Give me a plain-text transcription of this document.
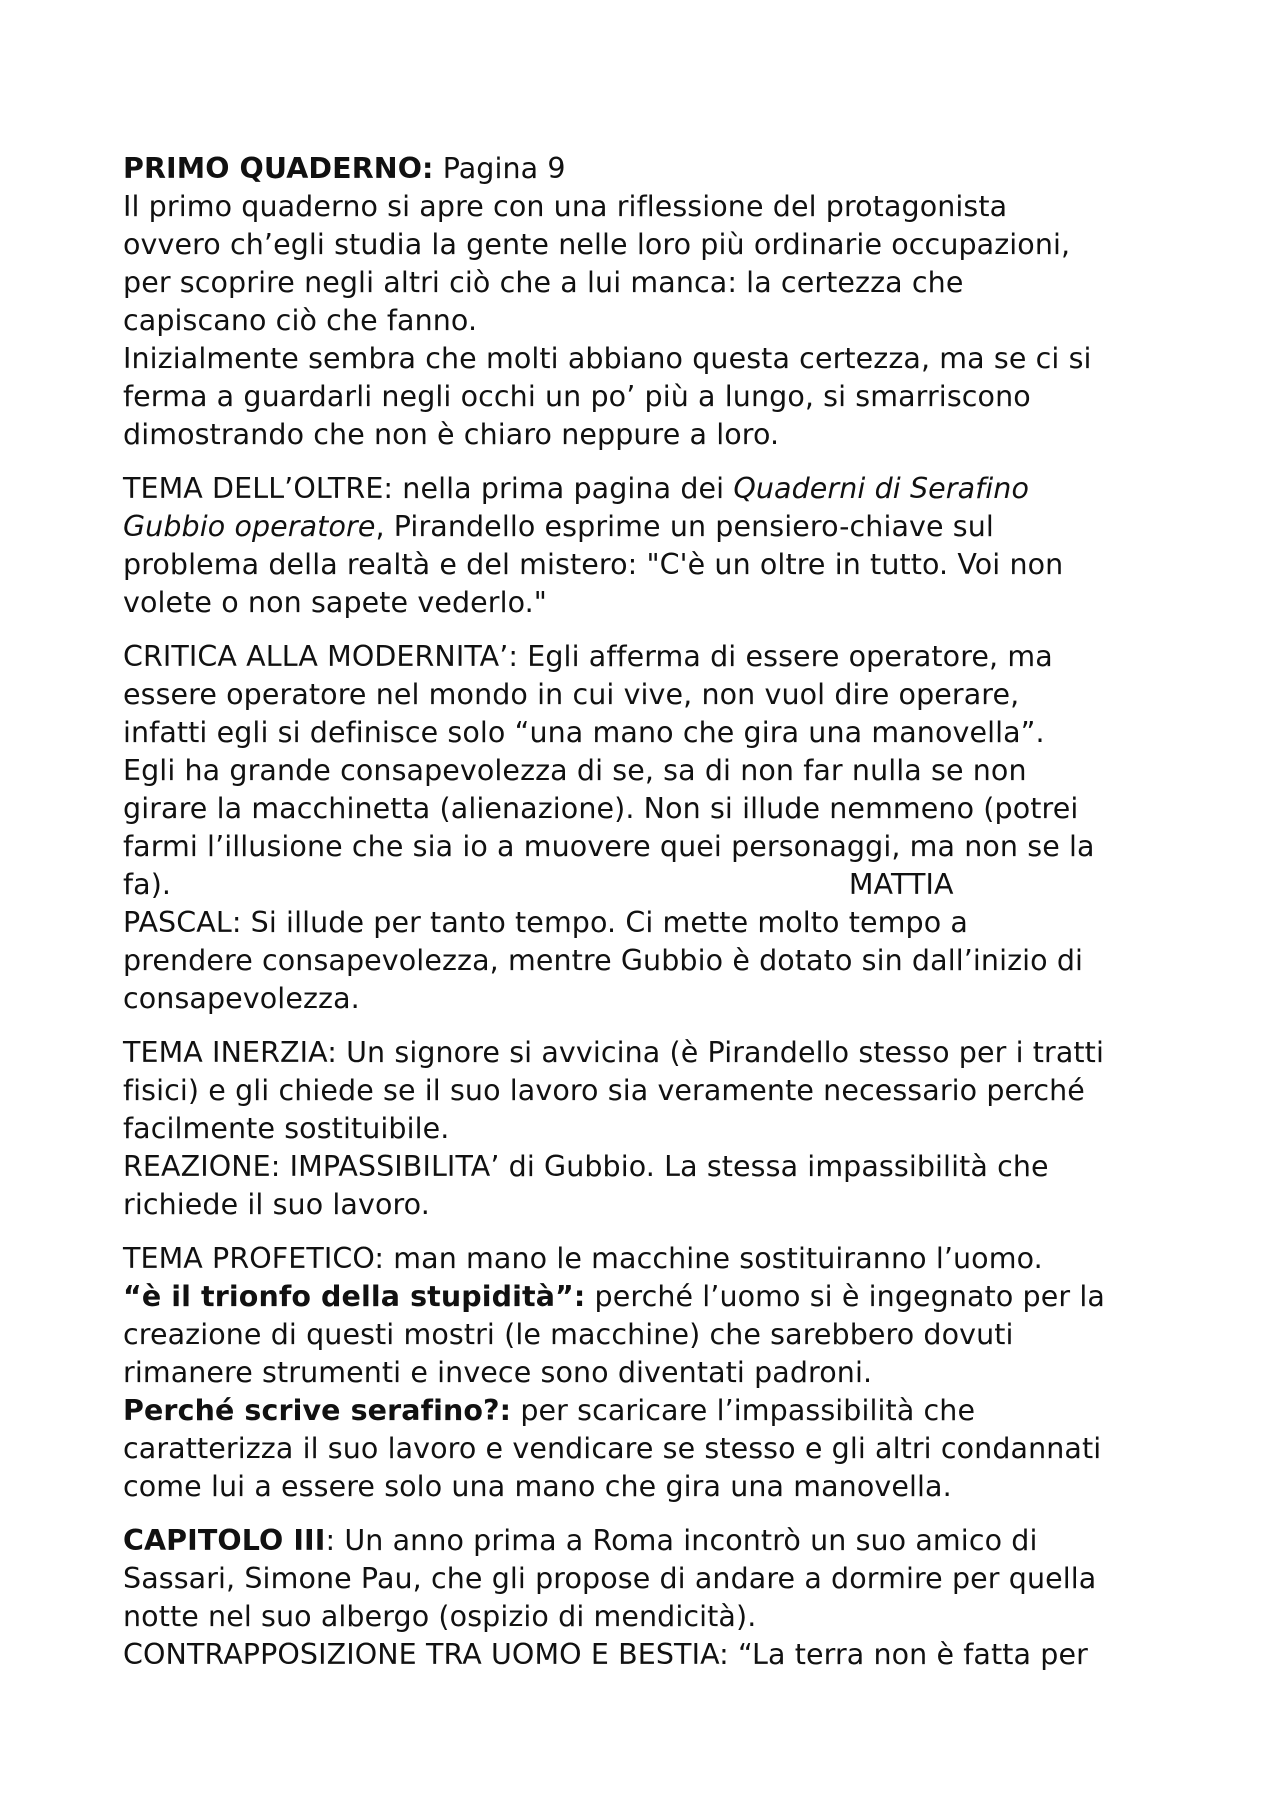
PRIMO QUADERNO: Pagina 9
Il primo quaderno si apre con una riflessione del protagonista
ovvero ch’egli studia la gente nelle loro più ordinarie occupazioni,
per scoprire negli altri ciò che a lui manca: la certezza che
capiscano ciò che fanno.
Inizialmente sembra che molti abbiano questa certezza, ma se ci si
ferma a guardarli negli occhi un po’ più a lungo, si smarriscono
dimostrando che non è chiaro neppure a loro.
TEMA DELL’OLTRE: nella prima pagina dei Quaderni di Serafino
Gubbio operatore, Pirandello esprime un pensiero-chiave sul
problema della realtà e del mistero: "C'è un oltre in tutto. Voi non
volete o non sapete vederlo."
CRITICA ALLA MODERNITA’: Egli afferma di essere operatore, ma
essere operatore nel mondo in cui vive, non vuol dire operare,
infatti egli si definisce solo “una mano che gira una manovella”.
Egli ha grande consapevolezza di se, sa di non far nulla se non
girare la macchinetta (alienazione). Non si illude nemmeno (potrei
farmi l’illusione che sia io a muovere quei personaggi, ma non se la
fa).                                                                          MATTIA
PASCAL: Si illude per tanto tempo. Ci mette molto tempo a
prendere consapevolezza, mentre Gubbio è dotato sin dall’inizio di
consapevolezza.
TEMA INERZIA: Un signore si avvicina (è Pirandello stesso per i tratti
fisici) e gli chiede se il suo lavoro sia veramente necessario perché
facilmente sostituibile.
REAZIONE: IMPASSIBILITA’ di Gubbio. La stessa impassibilità che
richiede il suo lavoro.
TEMA PROFETICO: man mano le macchine sostituiranno l’uomo.
“è il trionfo della stupidità”: perché l’uomo si è ingegnato per la
creazione di questi mostri (le macchine) che sarebbero dovuti
rimanere strumenti e invece sono diventati padroni.
Perché scrive serafino?: per scaricare l’impassibilità che
caratterizza il suo lavoro e vendicare se stesso e gli altri condannati
come lui a essere solo una mano che gira una manovella.
CAPITOLO III: Un anno prima a Roma incontrò un suo amico di
Sassari, Simone Pau, che gli propose di andare a dormire per quella
notte nel suo albergo (ospizio di mendicità).
CONTRAPPOSIZIONE TRA UOMO E BESTIA: “La terra non è fatta per
